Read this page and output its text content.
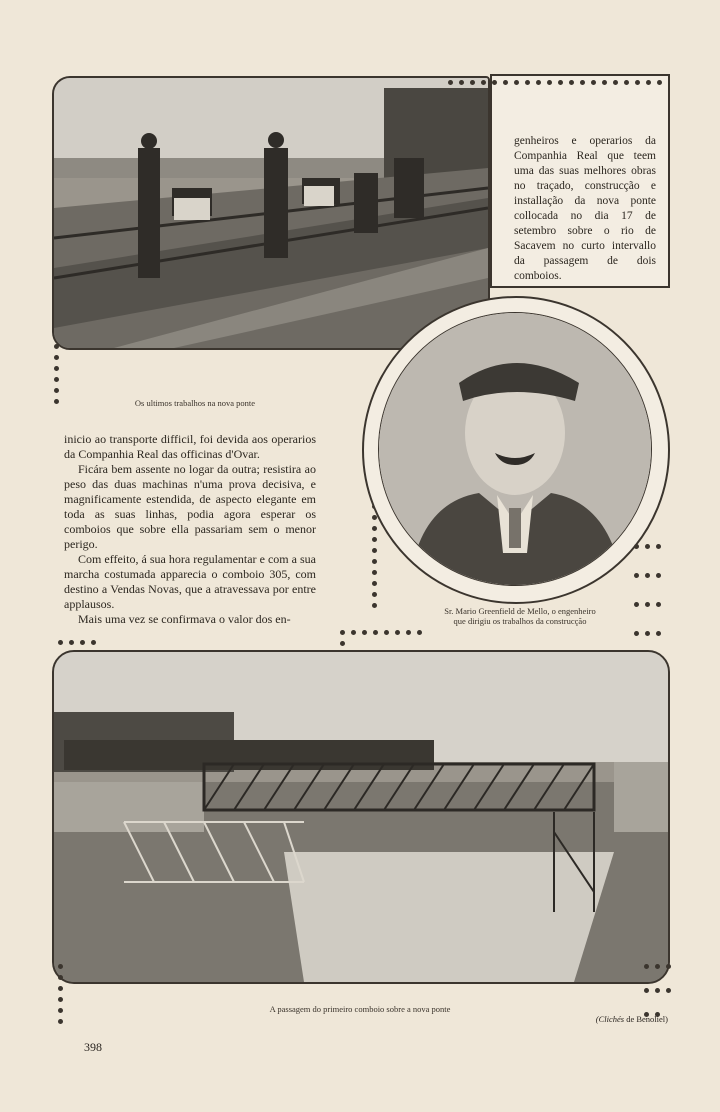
genheiros e operarios da Companhia Real que teem uma das suas melhores obras no traçado, construcção e installação da nova ponte collocada no dia 17 de setembro sobre o rio de Sacavem no curto intervallo da passagem de dois comboios.

Os ultimos trabalhos na nova ponte

inicio ao transporte difficil, foi devida aos operarios da Companhia Real das officinas d'Ovar.

Ficára bem assente no logar da outra; resistira ao peso das duas machinas n'uma prova decisiva, e magnificamente estendida, de aspecto elegante em toda as suas linhas, podia agora esperar os comboios que sobre ella passariam sem o menor perigo.

Com effeito, á sua hora regulamentar e com a sua marcha costumada apparecia o comboio 305, com destino a Vendas Novas, que a atravessava por entre applausos.

Mais uma vez se confirmava o valor dos en-

Sr. Mario Greenfield de Mello, o engenheiro
que dirigiu os trabalhos da construcção
A passagem do primeiro comboio sobre a nova ponte
(Clichés de Benoliel)
398
